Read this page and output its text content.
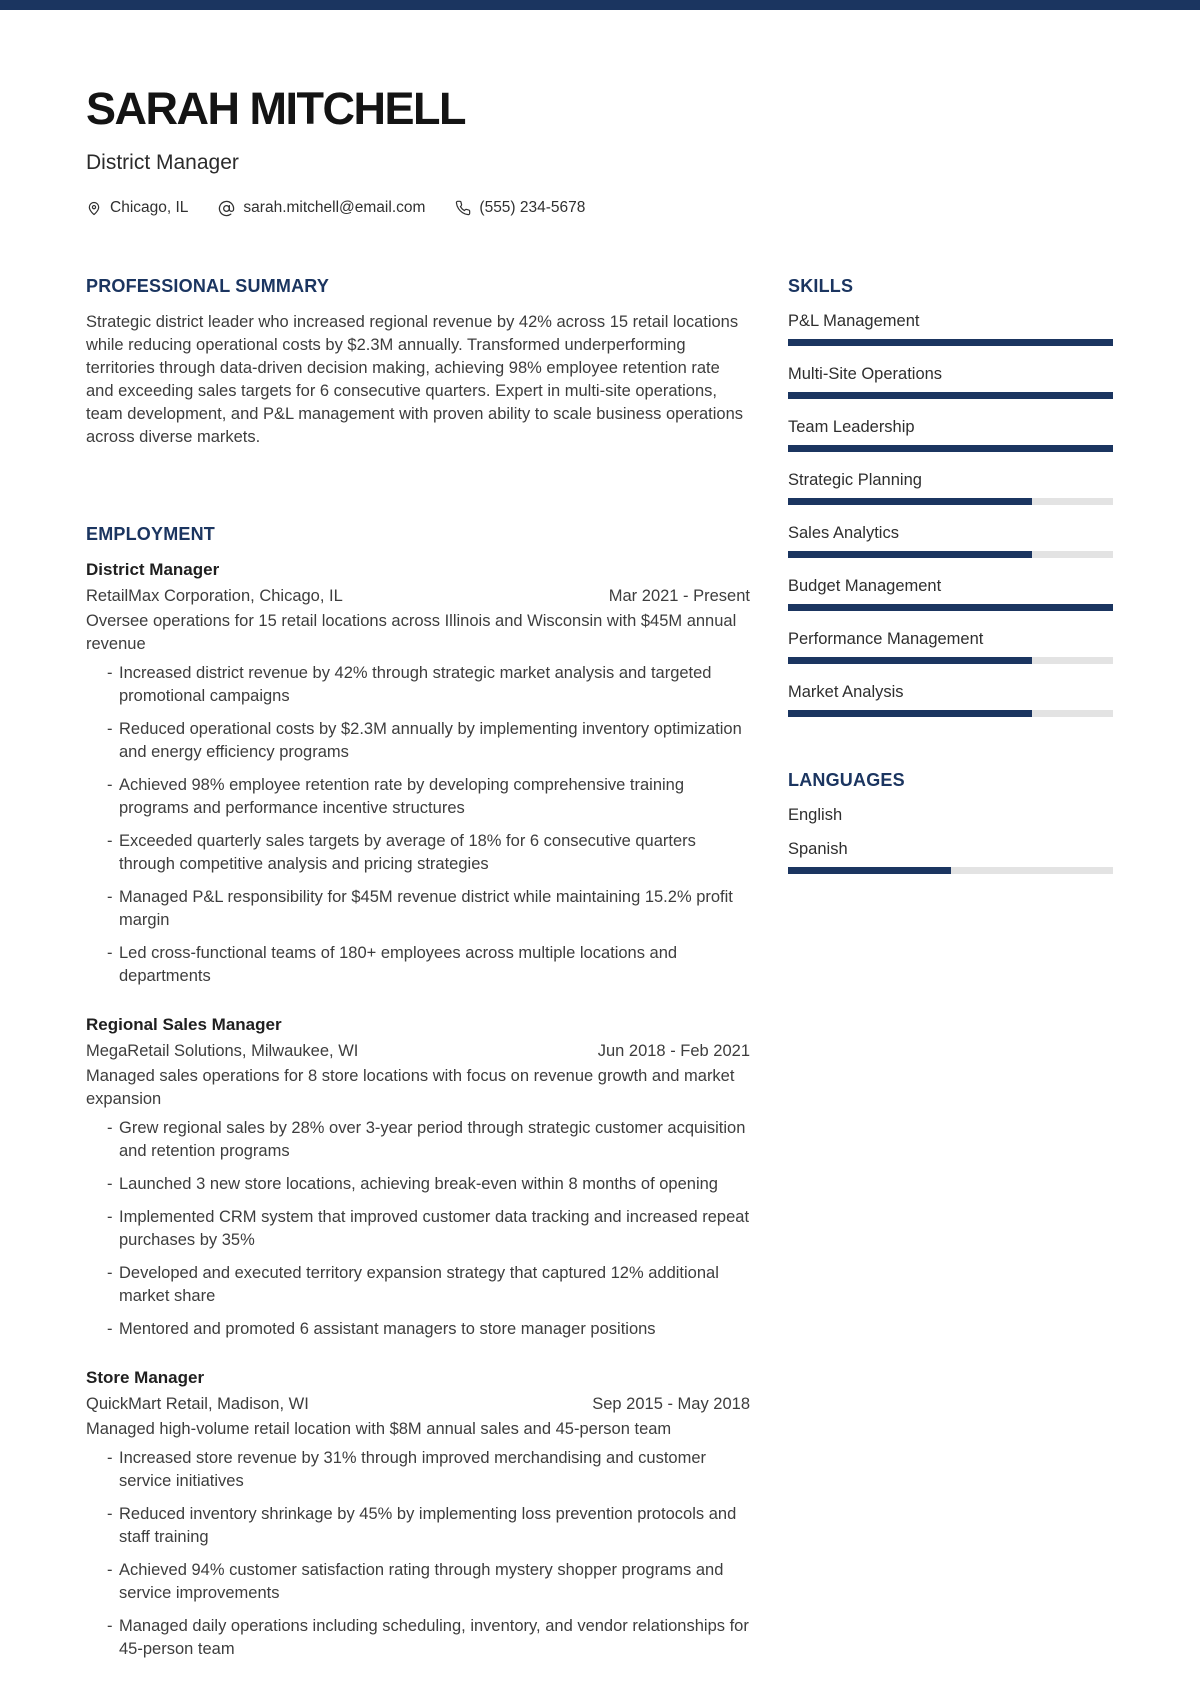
SARAH MITCHELL
District Manager
Chicago, IL	sarah.mitchell@email.com	(555) 234-5678
PROFESSIONAL SUMMARY

Strategic district leader who increased regional revenue by 42% across 15 retail locations while reducing operational costs by $2.3M annually. Transformed underperforming territories through data-driven decision making, achieving 98% employee retention rate and exceeding sales targets for 6 consecutive quarters. Expert in multi-site operations, team development, and P&L management with proven ability to scale business operations across diverse markets.

EMPLOYMENT
District Manager
RetailMax Corporation, Chicago, IL	Mar 2021 - Present
Oversee operations for 15 retail locations across Illinois and Wisconsin with $45M annual revenue
- Increased district revenue by 42% through strategic market analysis and targeted promotional campaigns
- Reduced operational costs by $2.3M annually by implementing inventory optimization and energy efficiency programs
- Achieved 98% employee retention rate by developing comprehensive training programs and performance incentive structures
- Exceeded quarterly sales targets by average of 18% for 6 consecutive quarters through competitive analysis and pricing strategies
- Managed P&L responsibility for $45M revenue district while maintaining 15.2% profit margin
- Led cross-functional teams of 180+ employees across multiple locations and departments
Regional Sales Manager
MegaRetail Solutions, Milwaukee, WI	Jun 2018 - Feb 2021
Managed sales operations for 8 store locations with focus on revenue growth and market expansion
- Grew regional sales by 28% over 3-year period through strategic customer acquisition and retention programs
- Launched 3 new store locations, achieving break-even within 8 months of opening
- Implemented CRM system that improved customer data tracking and increased repeat purchases by 35%
- Developed and executed territory expansion strategy that captured 12% additional market share
- Mentored and promoted 6 assistant managers to store manager positions
Store Manager
QuickMart Retail, Madison, WI	Sep 2015 - May 2018
Managed high-volume retail location with $8M annual sales and 45-person team
- Increased store revenue by 31% through improved merchandising and customer service initiatives
- Reduced inventory shrinkage by 45% by implementing loss prevention protocols and staff training
- Achieved 94% customer satisfaction rating through mystery shopper programs and service improvements
- Managed daily operations including scheduling, inventory, and vendor relationships for 45-person team
SKILLS
P&L Management
Multi-Site Operations
Team Leadership
Strategic Planning
Sales Analytics
Budget Management
Performance Management
Market Analysis
LANGUAGES
English
Spanish
